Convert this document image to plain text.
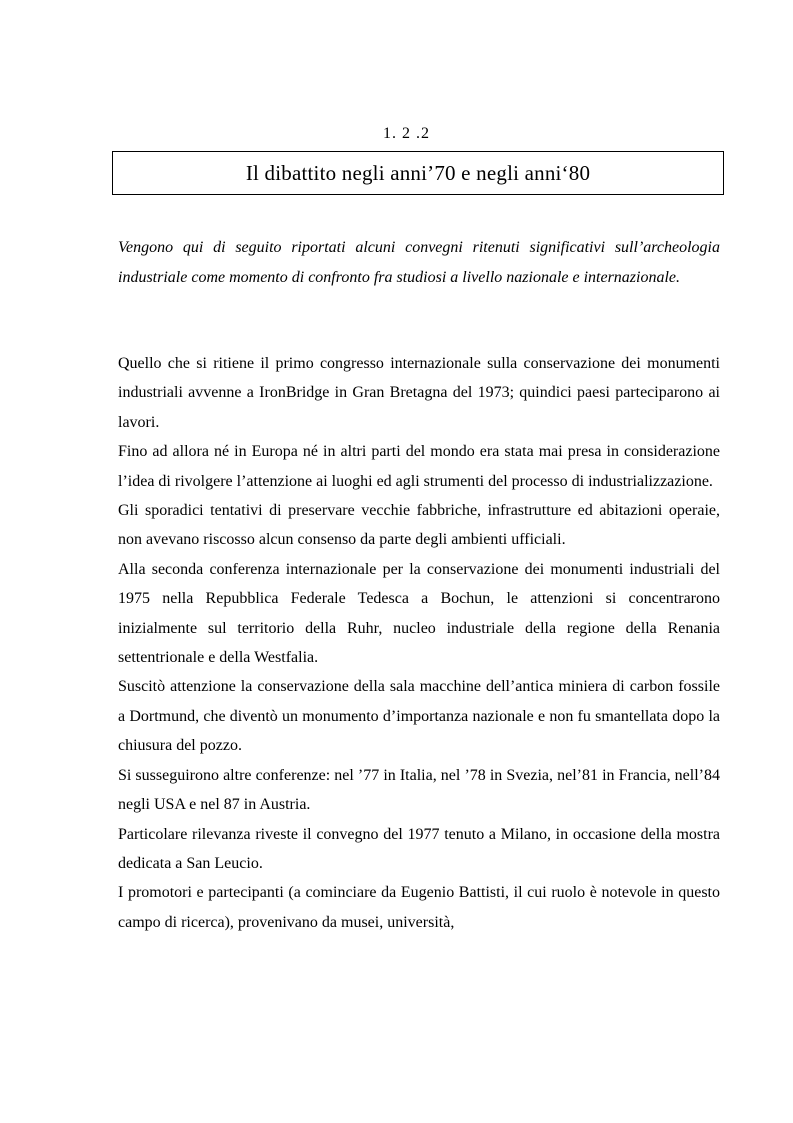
1. 2 .2
Il dibattito negli anni’70 e negli anni‘80
Vengono qui di seguito riportati alcuni convegni ritenuti significativi sull’archeologia industriale come momento di confronto fra studiosi a livello nazionale e internazionale.

Quello che si ritiene il primo congresso internazionale sulla conservazione dei monumenti industriali avvenne a IronBridge in Gran Bretagna del 1973; quindici paesi parteciparono ai lavori.

Fino ad allora né in Europa né in altri parti del mondo era stata mai presa in considerazione l’idea di rivolgere l’attenzione ai luoghi ed agli strumenti del processo di industrializzazione.

Gli sporadici tentativi di preservare vecchie fabbriche, infrastrutture ed abitazioni operaie, non avevano riscosso alcun consenso da parte degli ambienti ufficiali.

Alla seconda conferenza internazionale per la conservazione dei monumenti industriali del 1975 nella Repubblica Federale Tedesca a Bochun, le attenzioni si concentrarono inizialmente sul territorio della Ruhr, nucleo industriale della regione della Renania settentrionale e della Westfalia.

Suscitò attenzione la conservazione della sala macchine dell’antica miniera di carbon fossile a Dortmund, che diventò un monumento d’importanza nazionale e non fu smantellata dopo la chiusura del pozzo.

Si susseguirono altre conferenze: nel ’77 in Italia, nel ’78 in Svezia, nel’81 in Francia, nell’84 negli USA e nel 87 in Austria.

Particolare rilevanza riveste il convegno del 1977 tenuto a Milano, in occasione della mostra dedicata a San Leucio.

I promotori e partecipanti (a cominciare da Eugenio Battisti, il cui ruolo è notevole in questo campo di ricerca), provenivano da musei, università,
